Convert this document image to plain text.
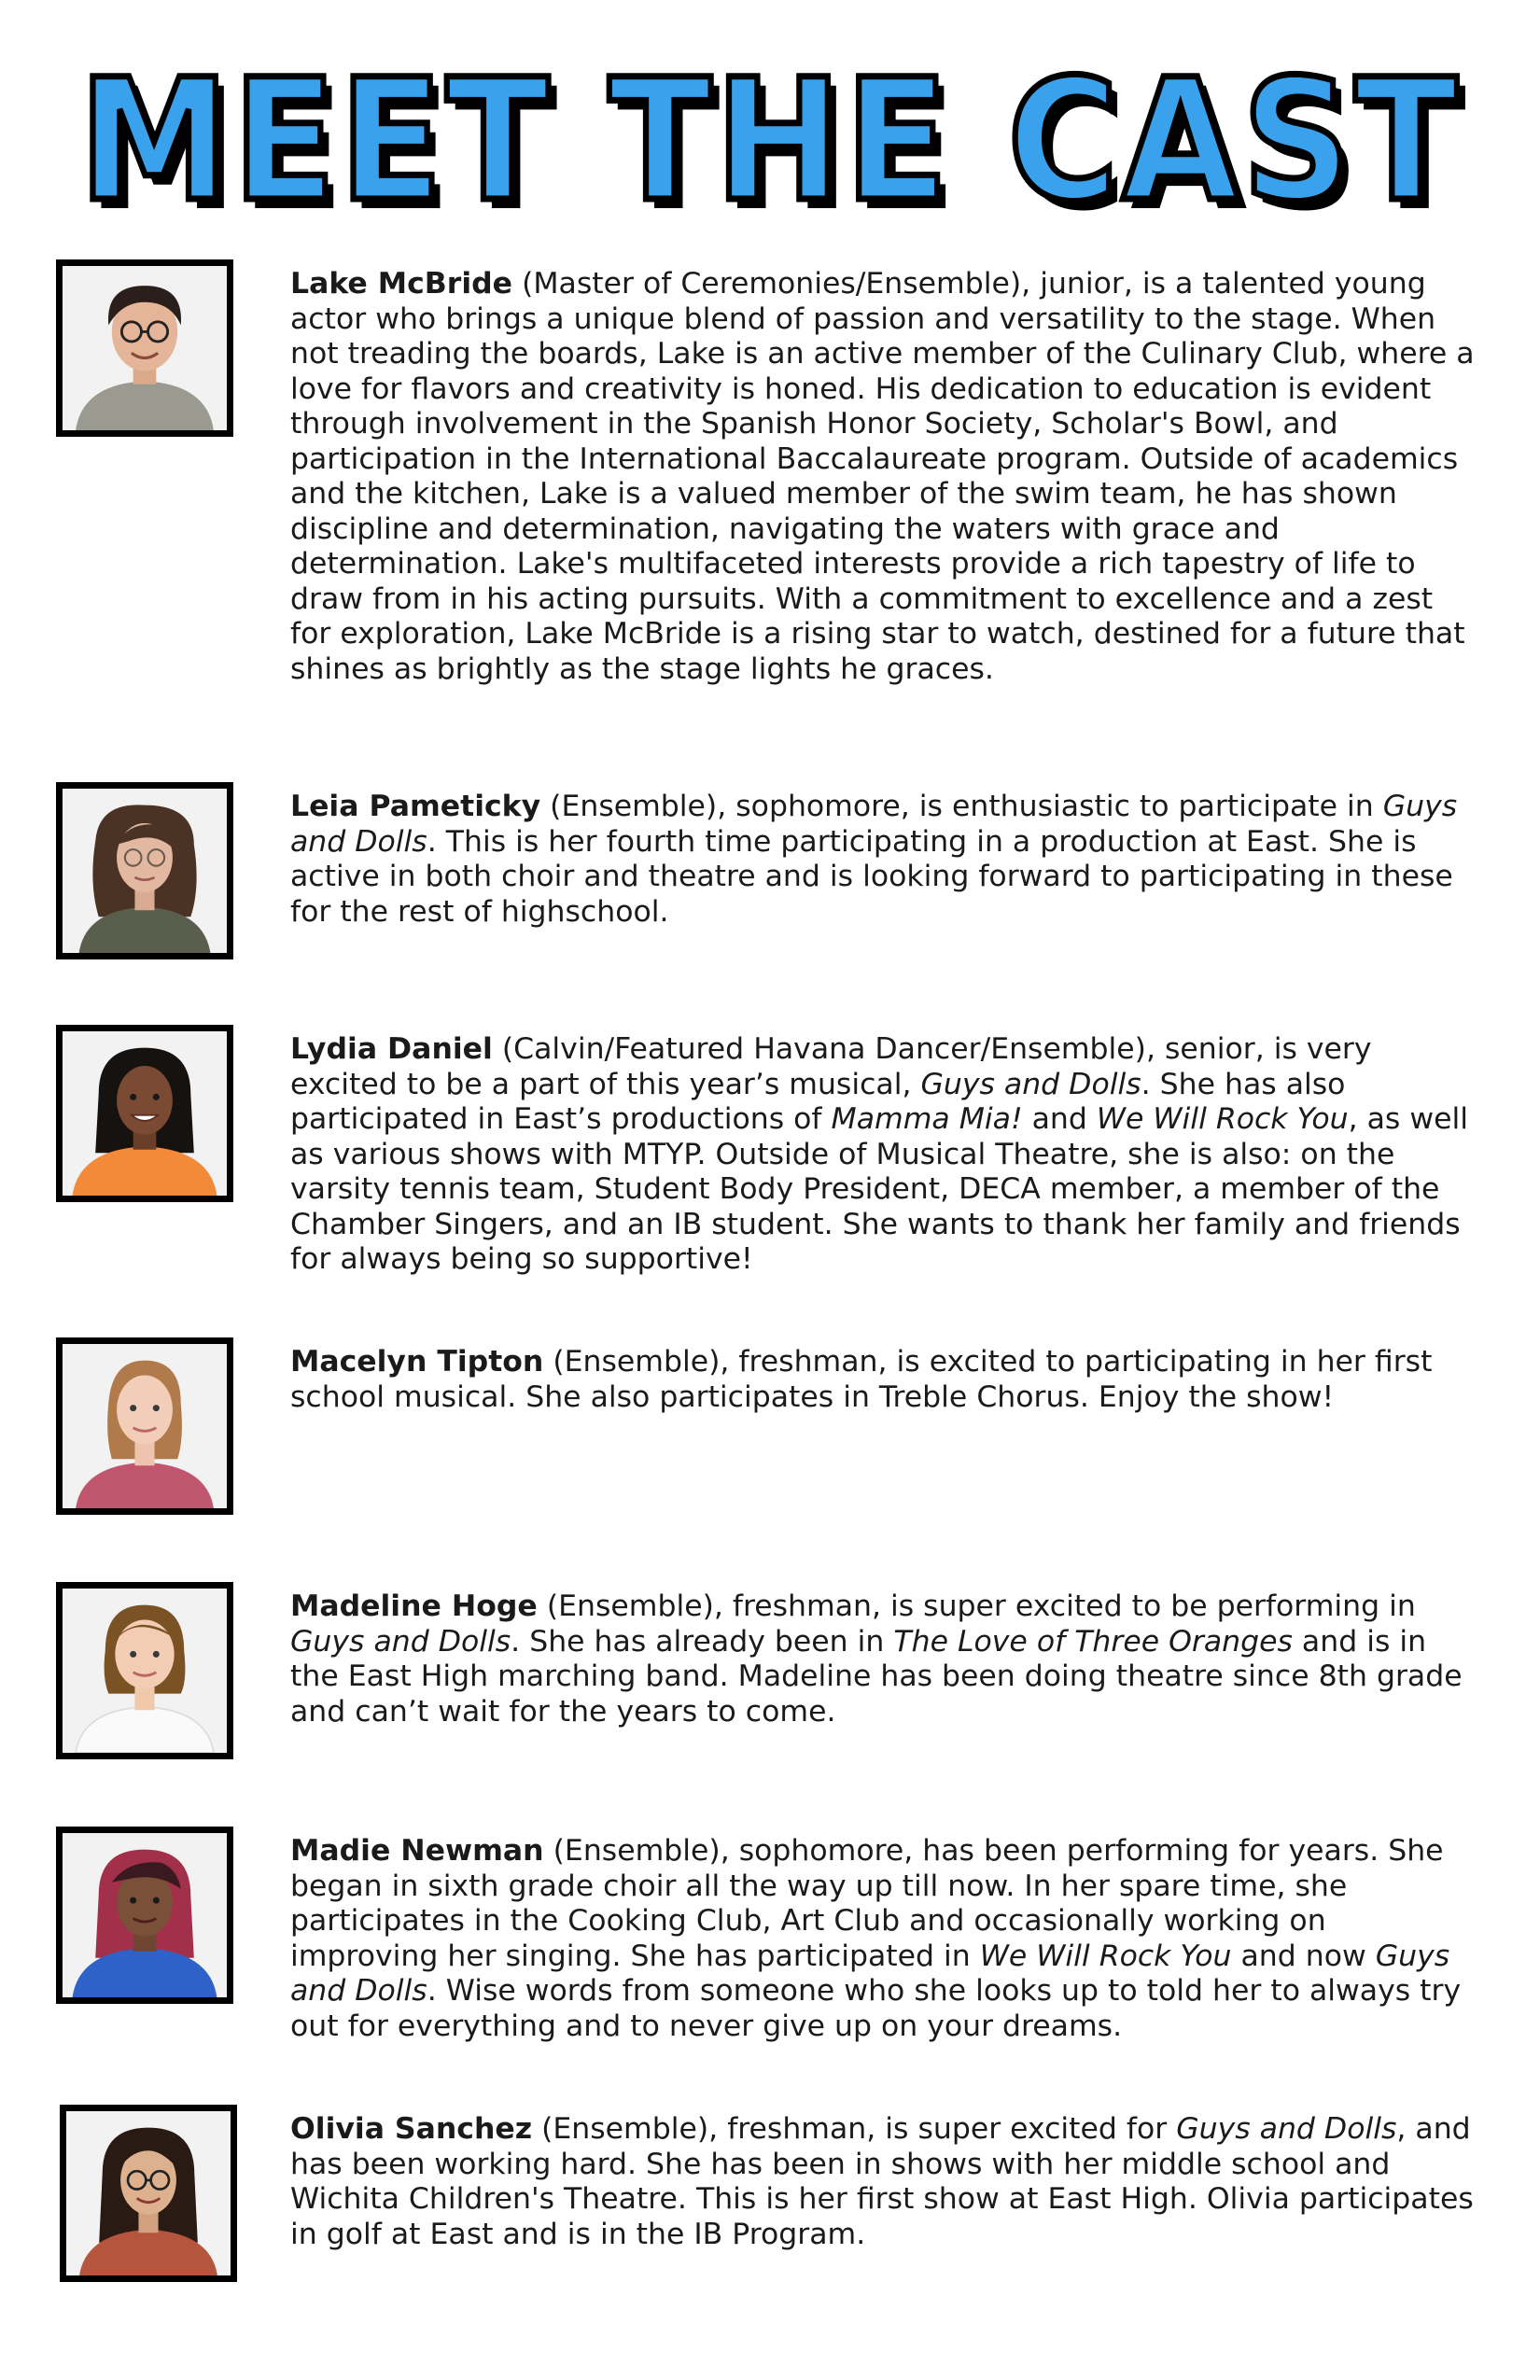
MEET THE CAST

Lake McBride (Master of Ceremonies/Ensemble), junior, is a talented young actor who brings a unique blend of passion and versatility to the stage. When not treading the boards, Lake is an active member of the Culinary Club, where a love for flavors and creativity is honed. His dedication to education is evident through involvement in the Spanish Honor Society, Scholar's Bowl, and participation in the International Baccalaureate program. Outside of academics and the kitchen, Lake is a valued member of the swim team, he has shown discipline and determination, navigating the waters with grace and determination. Lake's multifaceted interests provide a rich tapestry of life to draw from in his acting pursuits. With a commitment to excellence and a zest for exploration, Lake McBride is a rising star to watch, destined for a future that shines as brightly as the stage lights he graces.

Leia Pameticky (Ensemble), sophomore, is enthusiastic to participate in Guys and Dolls. This is her fourth time participating in a production at East. She is active in both choir and theatre and is looking forward to participating in these for the rest of highschool.

Lydia Daniel (Calvin/Featured Havana Dancer/Ensemble), senior, is very excited to be a part of this year’s musical, Guys and Dolls. She has also participated in East’s productions of Mamma Mia! and We Will Rock You, as well as various shows with MTYP. Outside of Musical Theatre, she is also: on the varsity tennis team, Student Body President, DECA member, a member of the Chamber Singers, and an IB student. She wants to thank her family and friends for always being so supportive!

Macelyn Tipton (Ensemble), freshman, is excited to participating in her first school musical. She also participates in Treble Chorus. Enjoy the show!

Madeline Hoge (Ensemble), freshman, is super excited to be performing in Guys and Dolls. She has already been in The Love of Three Oranges and is in the East High marching band. Madeline has been doing theatre since 8th grade and can’t wait for the years to come.

Madie Newman (Ensemble), sophomore, has been performing for years. She began in sixth grade choir all the way up till now. In her spare time, she participates in the Cooking Club, Art Club and occasionally working on improving her singing. She has participated in We Will Rock You and now Guys and Dolls. Wise words from someone who she looks up to told her to always try out for everything and to never give up on your dreams.

Olivia Sanchez (Ensemble), freshman, is super excited for Guys and Dolls, and has been working hard. She has been in shows with her middle school and Wichita Children's Theatre. This is her first show at East High. Olivia participates in golf at East and is in the IB Program.
